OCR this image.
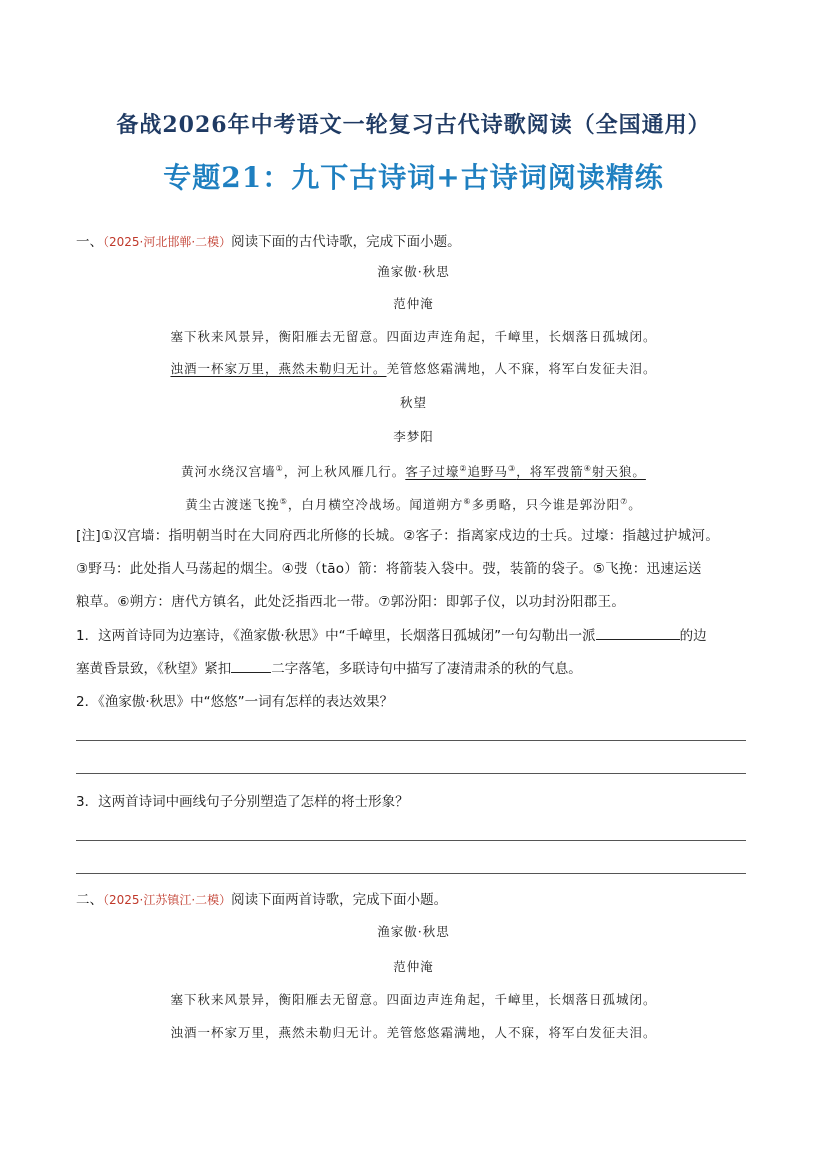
备战2026年中考语文一轮复习古代诗歌阅读（全国通用）
专题21：九下古诗词+古诗词阅读精练
一、（2025·河北邯郸·二模）阅读下面的古代诗歌，完成下面小题。
渔家傲·秋思
范仲淹
塞下秋来风景异，衡阳雁去无留意。四面边声连角起，千嶂里，长烟落日孤城闭。
浊酒一杯家万里，燕然未勒归无计。羌管悠悠霜满地，人不寐，将军白发征夫泪。
秋望
李梦阳
黄河水绕汉宫墙①，河上秋风雁几行。客子过壕②追野马③，将军弢箭④射天狼。
黄尘古渡迷飞挽⑤，白月横空冷战场。闻道朔方⑥多勇略，只今谁是郭汾阳⑦。
[注]①汉宫墙：指明朝当时在大同府西北所修的长城。②客子：指离家戍边的士兵。过壕：指越过护城河。
③野马：此处指人马荡起的烟尘。④弢（tāo）箭：将箭装入袋中。弢，装箭的袋子。⑤飞挽：迅速运送
粮草。⑥朔方：唐代方镇名，此处泛指西北一带。⑦郭汾阳：即郭子仪，以功封汾阳郡王。
1．这两首诗同为边塞诗，《渔家傲·秋思》中“千嶂里，长烟落日孤城闭”一句勾勒出一派	的边
塞黄昏景致，《秋望》紧扣	二字落笔，多联诗句中描写了凄清肃杀的秋的气息。
2．《渔家傲·秋思》中“悠悠”一词有怎样的表达效果？
3．这两首诗词中画线句子分别塑造了怎样的将士形象？
二、（2025·江苏镇江·二模）阅读下面两首诗歌，完成下面小题。
渔家傲·秋思
范仲淹
塞下秋来风景异，衡阳雁去无留意。四面边声连角起，千嶂里，长烟落日孤城闭。
浊酒一杯家万里，燕然未勒归无计。羌管悠悠霜满地，人不寐，将军白发征夫泪。
